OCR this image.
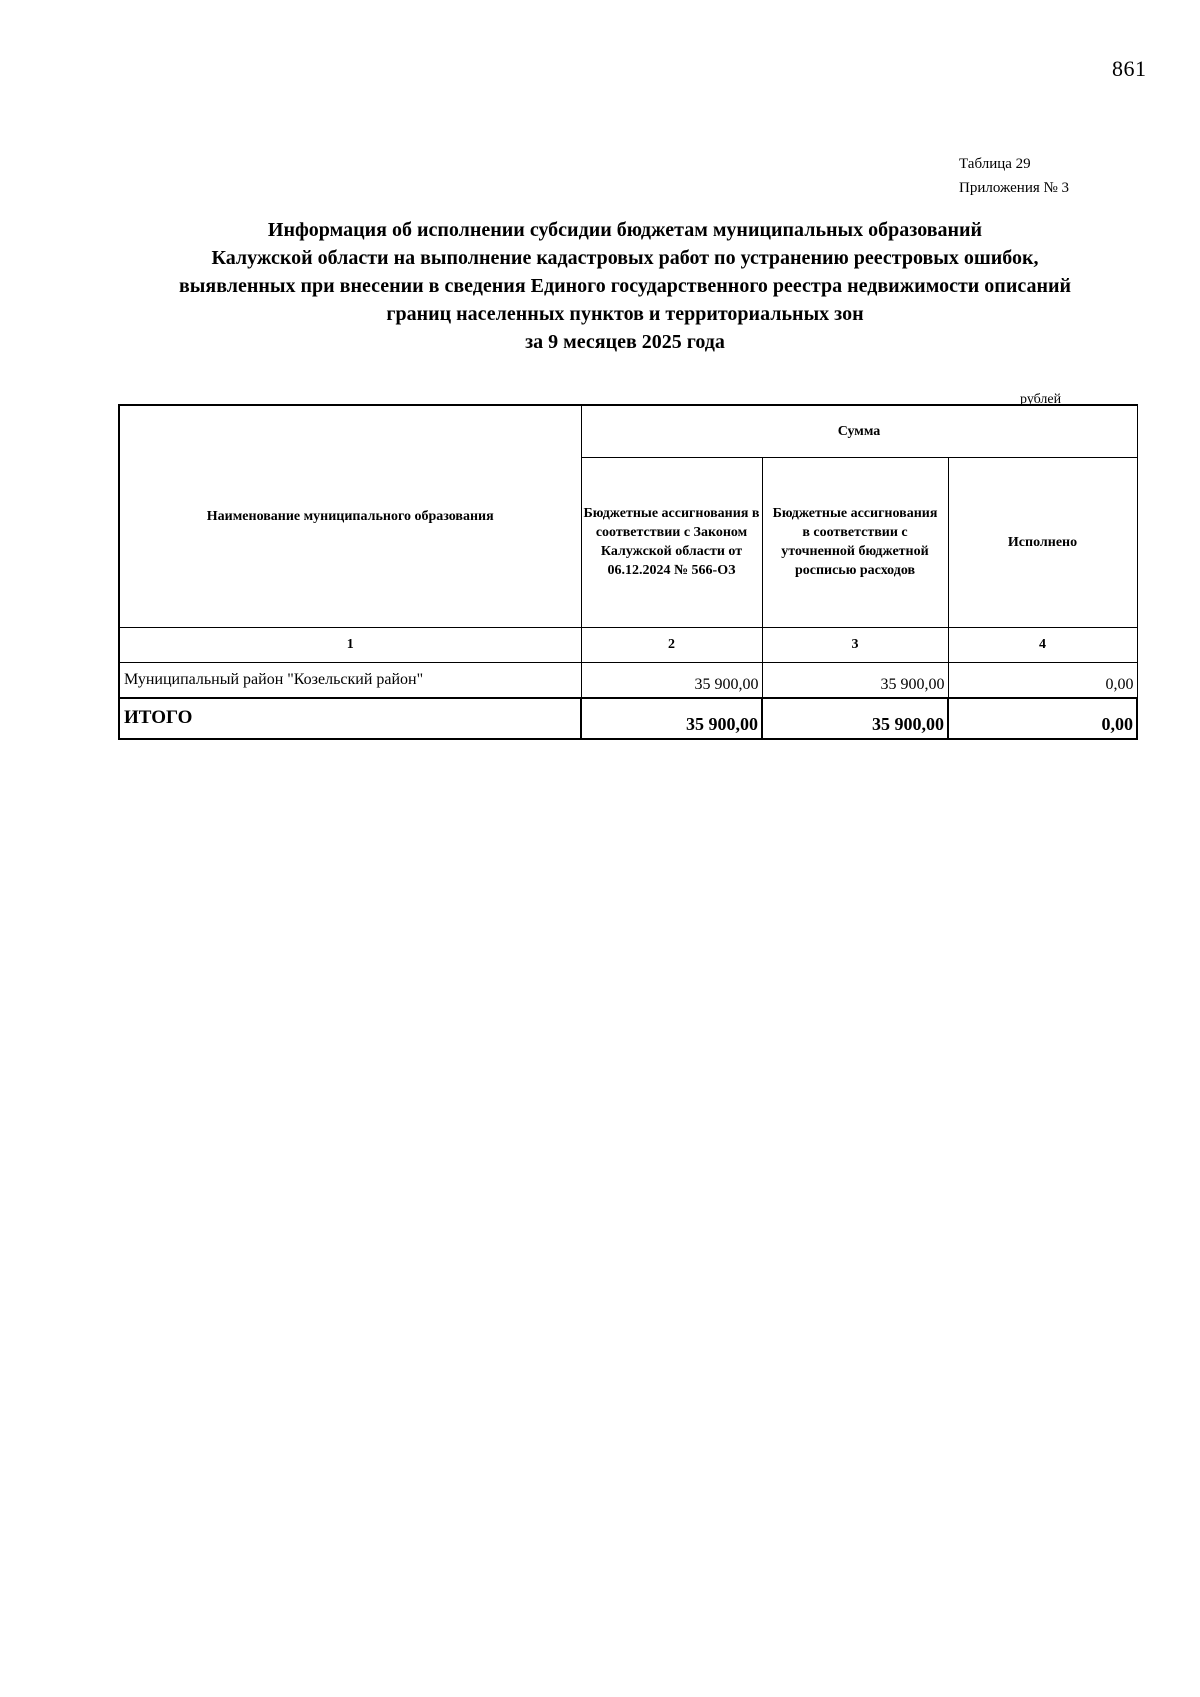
861
Таблица 29
Приложения № 3
Информация об исполнении субсидии бюджетам муниципальных образований
Калужской области на выполнение кадастровых работ по устранению реестровых ошибок,
выявленных при внесении в сведения Единого государственного реестра недвижимости описаний
границ населенных пунктов и территориальных зон
за 9 месяцев 2025 года
рублей
Наименование муниципального образования	Сумма		
	Бюджетные ассигнования в соответствии с Законом Калужской области от 06.12.2024 № 566-ОЗ	Бюджетные ассигнования в соответствии с уточненной бюджетной росписью расходов	Исполнено
1	2	3	4
Муниципальный район "Козельский район"	35 900,00	35 900,00	0,00
ИТОГО	35 900,00	35 900,00	0,00
